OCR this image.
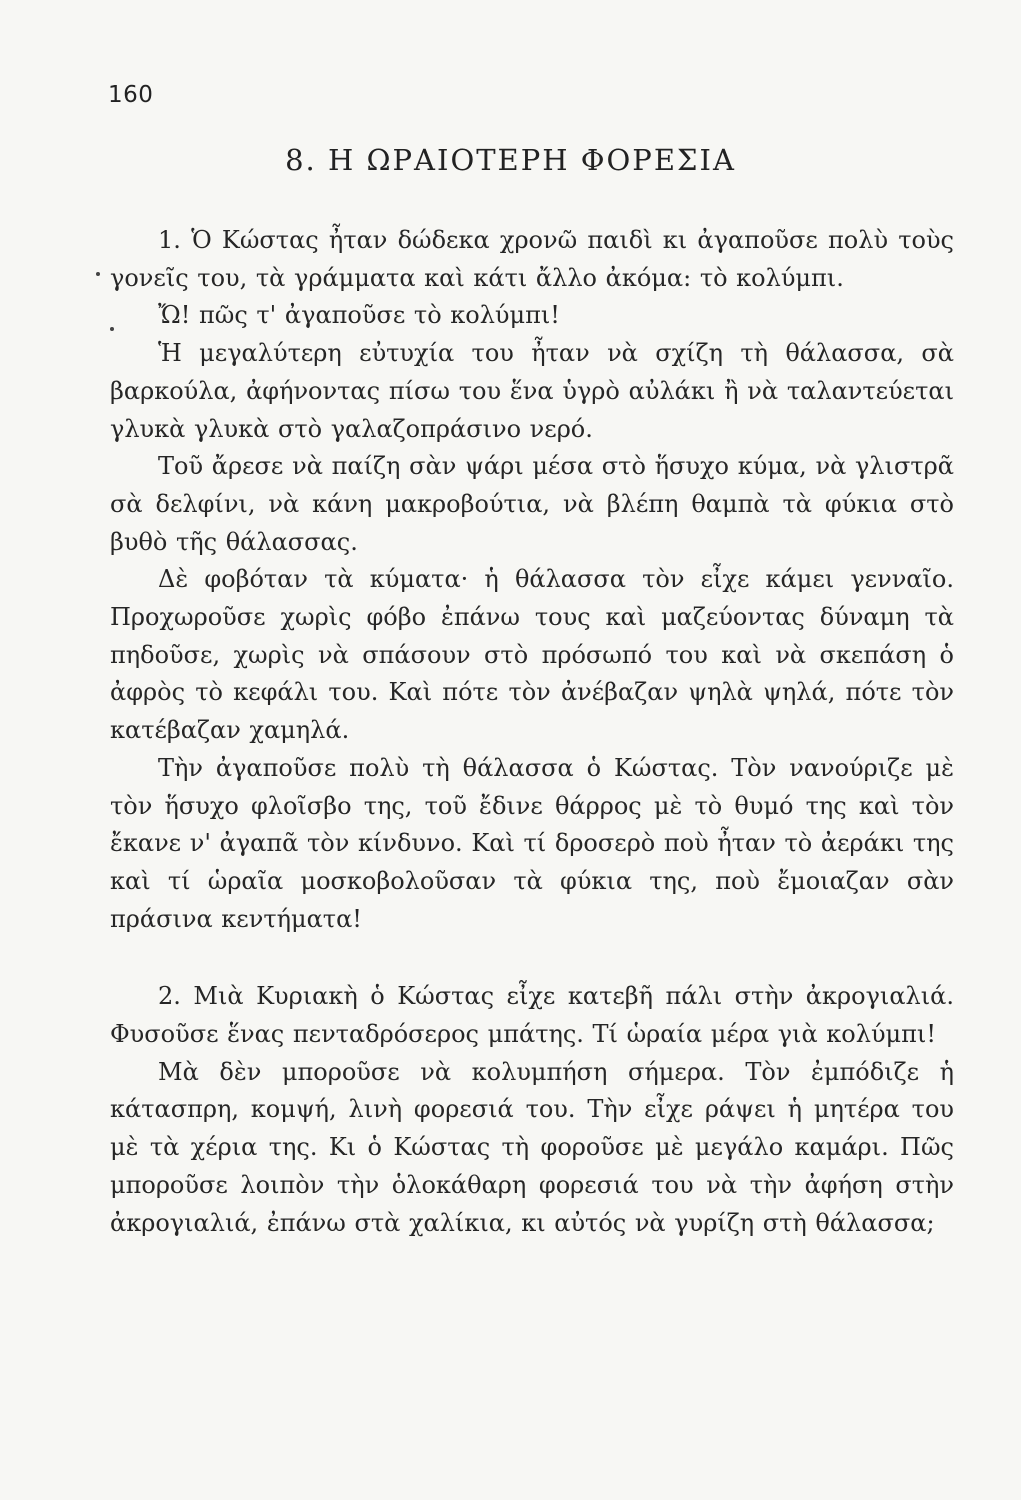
160
8. Η ΩΡΑΙΟΤΕΡΗ ΦΟΡΕΣΙΑ

1. Ὁ Κώστας ἦταν δώδεκα χρονῶ παιδὶ κι ἀγαποῦσε πολὺ τοὺς γονεῖς του, τὰ γράμματα καὶ κάτι ἄλλο ἀκόμα: τὸ κολύμπι.

Ὤ! πῶς τ' ἀγαποῦσε τὸ κολύμπι!

Ἡ μεγαλύτερη εὐτυχία του ἦταν νὰ σχίζη τὴ θάλασσα, σὰ βαρκούλα, ἀφήνοντας πίσω του ἕνα ὑγρὸ αὐλάκι ἢ νὰ ταλαντεύεται γλυκὰ γλυκὰ στὸ γαλαζοπράσινο νερό.

Τοῦ ἄρεσε νὰ παίζη σὰν ψάρι μέσα στὸ ἥσυχο κύμα, νὰ γλιστρᾶ σὰ δελφίνι, νὰ κάνη μακροβούτια, νὰ βλέπη θαμπὰ τὰ φύκια στὸ βυθὸ τῆς θάλασσας.

Δὲ φοβόταν τὰ κύματα· ἡ θάλασσα τὸν εἶχε κάμει γενναῖο. Προχωροῦσε χωρὶς φόβο ἐπάνω τους καὶ μαζεύοντας δύναμη τὰ πηδοῦσε, χωρὶς νὰ σπάσουν στὸ πρόσωπό του καὶ νὰ σκεπάση ὁ ἀφρὸς τὸ κεφάλι του. Καὶ πότε τὸν ἀνέβαζαν ψηλὰ ψηλά, πότε τὸν κατέβαζαν χαμηλά.

Τὴν ἀγαποῦσε πολὺ τὴ θάλασσα ὁ Κώστας. Τὸν νανούριζε μὲ τὸν ἥσυχο φλοῖσβο της, τοῦ ἔδινε θάρρος μὲ τὸ θυμό της καὶ τὸν ἔκανε ν' ἀγαπᾶ τὸν κίνδυνο. Καὶ τί δροσερὸ ποὺ ἦταν τὸ ἀεράκι της καὶ τί ὡραῖα μοσκοβολοῦσαν τὰ φύκια της, ποὺ ἔμοιαζαν σὰν πράσινα κεντήματα!

2. Μιὰ Κυριακὴ ὁ Κώστας εἶχε κατεβῆ πάλι στὴν ἀκρογιαλιά. Φυσοῦσε ἕνας πενταδρόσερος μπάτης. Τί ὡραία μέρα γιὰ κολύμπι!

Μὰ δὲν μποροῦσε νὰ κολυμπήση σήμερα. Τὸν ἐμπόδιζε ἡ κάτασπρη, κομψή, λινὴ φορεσιά του. Τὴν εἶχε ράψει ἡ μητέρα του μὲ τὰ χέρια της. Κι ὁ Κώστας τὴ φοροῦσε μὲ μεγάλο καμάρι. Πῶς μποροῦσε λοιπὸν τὴν ὁλοκάθαρη φορεσιά του νὰ τὴν ἀφήση στὴν ἀκρογιαλιά, ἐπάνω στὰ χαλίκια, κι αὐτός νὰ γυρίζη στὴ θάλασσα;
